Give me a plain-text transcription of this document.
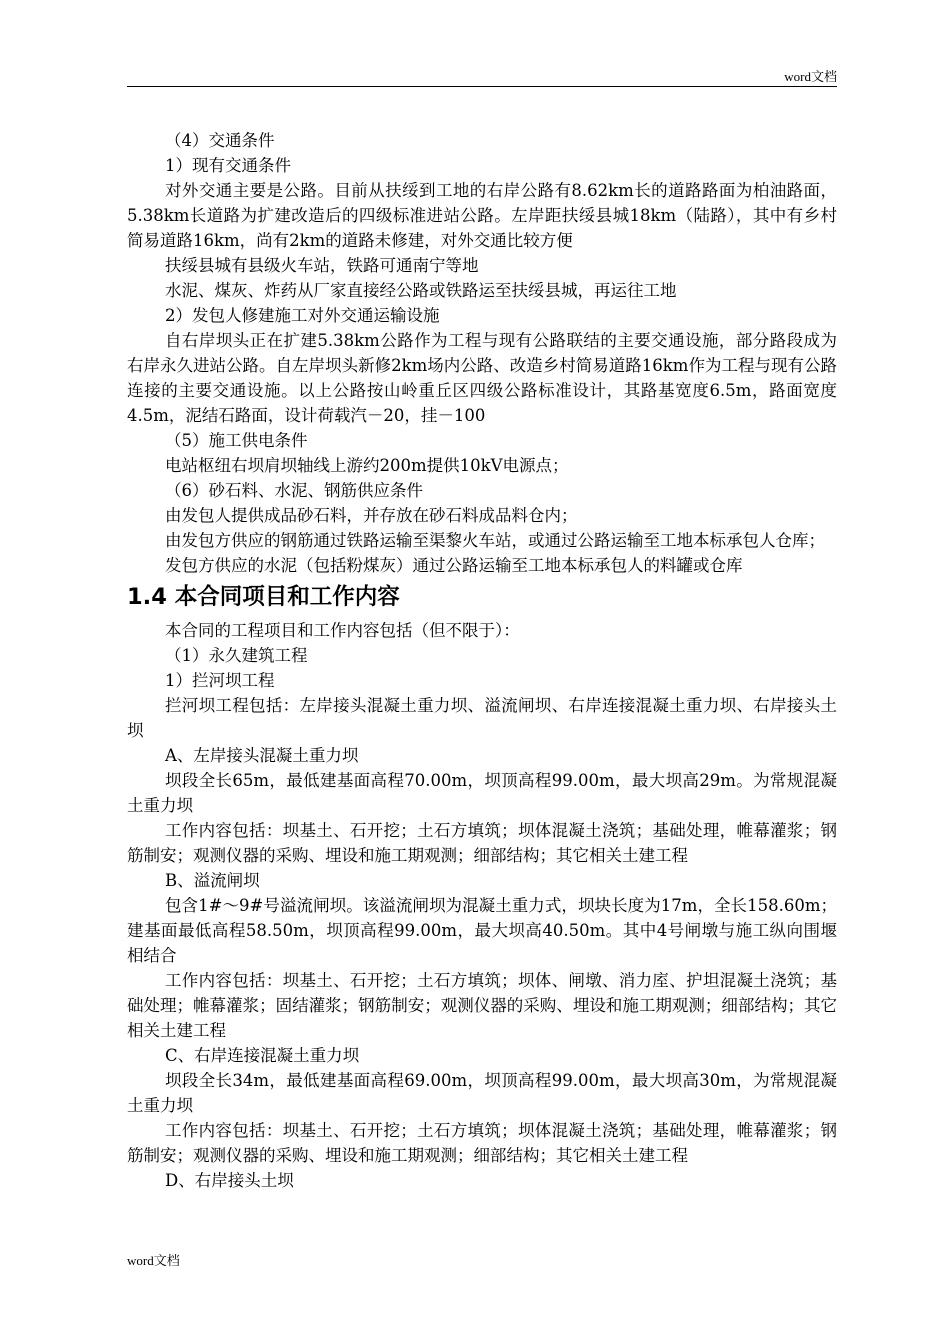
word文档

（4）交通条件

1）现有交通条件

对外交通主要是公路。目前从扶绥到工地的右岸公路有8.62km长的道路路面为柏油路面，5.38km长道路为扩建改造后的四级标准进站公路。左岸距扶绥县城18km（陆路），其中有乡村简易道路16km，尚有2km的道路未修建，对外交通比较方便

扶绥县城有县级火车站，铁路可通南宁等地

水泥、煤灰、炸药从厂家直接经公路或铁路运至扶绥县城，再运往工地

2）发包人修建施工对外交通运输设施

自右岸坝头正在扩建5.38km公路作为工程与现有公路联结的主要交通设施，部分路段成为右岸永久进站公路。自左岸坝头新修2km场内公路、改造乡村简易道路16km作为工程与现有公路连接的主要交通设施。以上公路按山岭重丘区四级公路标准设计，其路基宽度6.5m，路面宽度4.5m，泥结石路面，设计荷载汽－20，挂－100

（5）施工供电条件

电站枢纽右坝肩坝轴线上游约200m提供10kV电源点；

（6）砂石料、水泥、钢筋供应条件

由发包人提供成品砂石料，并存放在砂石料成品料仓内；

由发包方供应的钢筋通过铁路运输至渠黎火车站，或通过公路运输至工地本标承包人仓库；

发包方供应的水泥（包括粉煤灰）通过公路运输至工地本标承包人的料罐或仓库

1.4 本合同项目和工作内容

本合同的工程项目和工作内容包括（但不限于）：

（1）永久建筑工程

1）拦河坝工程

拦河坝工程包括：左岸接头混凝土重力坝、溢流闸坝、右岸连接混凝土重力坝、右岸接头土坝

A、左岸接头混凝土重力坝

坝段全长65m，最低建基面高程70.00m，坝顶高程99.00m，最大坝高29m。为常规混凝土重力坝

工作内容包括：坝基土、石开挖；土石方填筑；坝体混凝土浇筑；基础处理，帷幕灌浆；钢筋制安；观测仪器的采购、埋设和施工期观测；细部结构；其它相关土建工程

B、溢流闸坝

包含1#～9#号溢流闸坝。该溢流闸坝为混凝土重力式，坝块长度为17m，全长158.60m；建基面最低高程58.50m，坝顶高程99.00m，最大坝高40.50m。其中4号闸墩与施工纵向围堰相结合

工作内容包括：坝基土、石开挖；土石方填筑；坝体、闸墩、消力庢、护坦混凝土浇筑；基础处理；帷幕灌浆；固结灌浆；钢筋制安；观测仪器的采购、埋设和施工期观测；细部结构；其它相关土建工程

C、右岸连接混凝土重力坝

坝段全长34m，最低建基面高程69.00m，坝顶高程99.00m，最大坝高30m，为常规混凝土重力坝

工作内容包括：坝基土、石开挖；土石方填筑；坝体混凝土浇筑；基础处理，帷幕灌浆；钢筋制安；观测仪器的采购、埋设和施工期观测；细部结构；其它相关土建工程

D、右岸接头土坝

word文档
